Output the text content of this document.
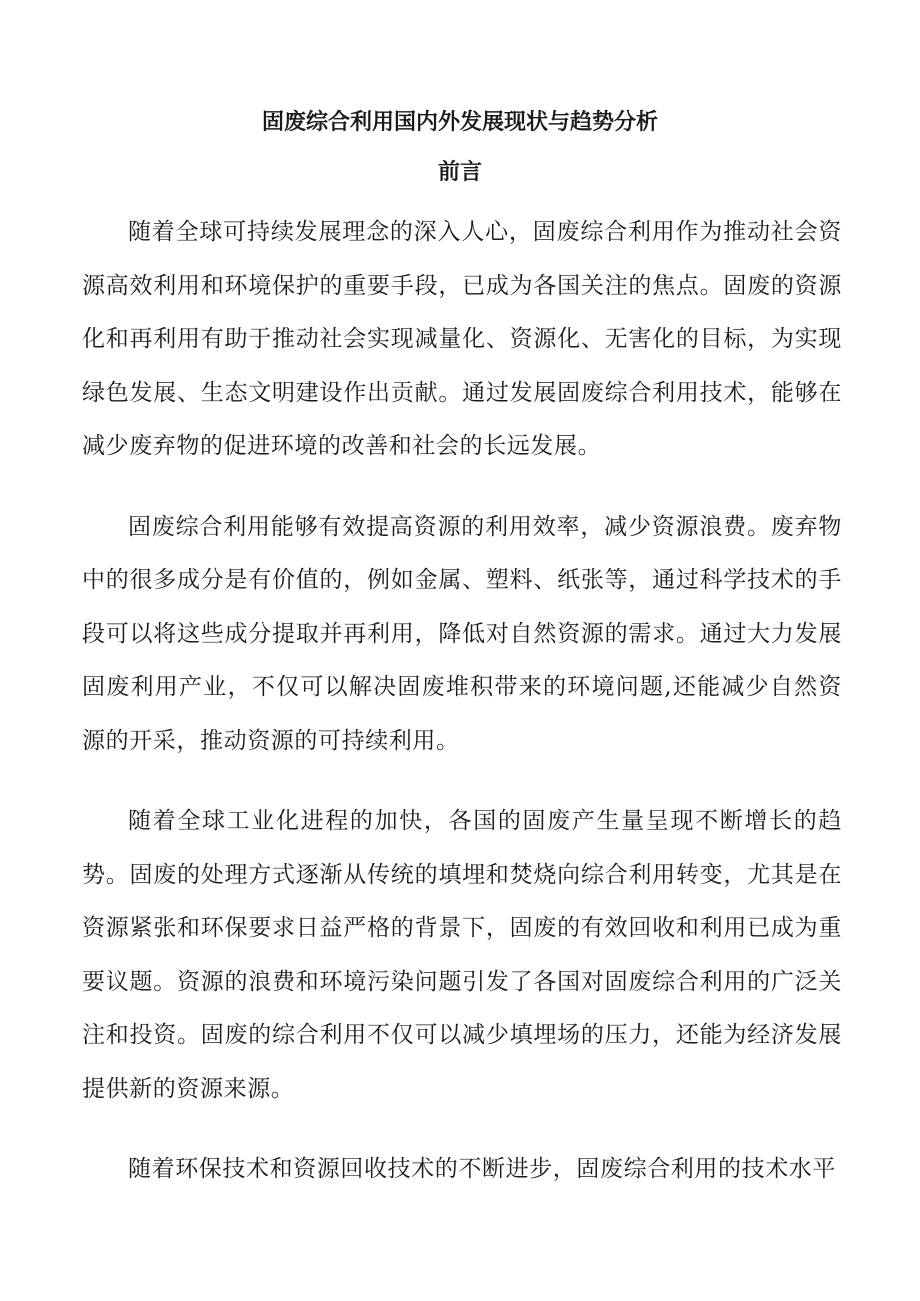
固废综合利用国内外发展现状与趋势分析
前言

随着全球可持续发展理念的深入人心，固废综合利用作为推动社会资源高效利用和环境保护的重要手段，已成为各国关注的焦点。固废的资源化和再利用有助于推动社会实现减量化、资源化、无害化的目标，为实现绿色发展、生态文明建设作出贡献。通过发展固废综合利用技术，能够在减少废弃物的促进环境的改善和社会的长远发展。

固废综合利用能够有效提高资源的利用效率，减少资源浪费。废弃物中的很多成分是有价值的，例如金属、塑料、纸张等，通过科学技术的手段可以将这些成分提取并再利用，降低对自然资源的需求。通过大力发展固废利用产业，不仅可以解决固废堆积带来的环境问题,还能减少自然资源的开采，推动资源的可持续利用。

随着全球工业化进程的加快，各国的固废产生量呈现不断增长的趋势。固废的处理方式逐渐从传统的填埋和焚烧向综合利用转变，尤其是在资源紧张和环保要求日益严格的背景下，固废的有效回收和利用已成为重要议题。资源的浪费和环境污染问题引发了各国对固废综合利用的广泛关注和投资。固废的综合利用不仅可以减少填埋场的压力，还能为经济发展提供新的资源来源。

随着环保技术和资源回收技术的不断进步，固废综合利用的技术水平
